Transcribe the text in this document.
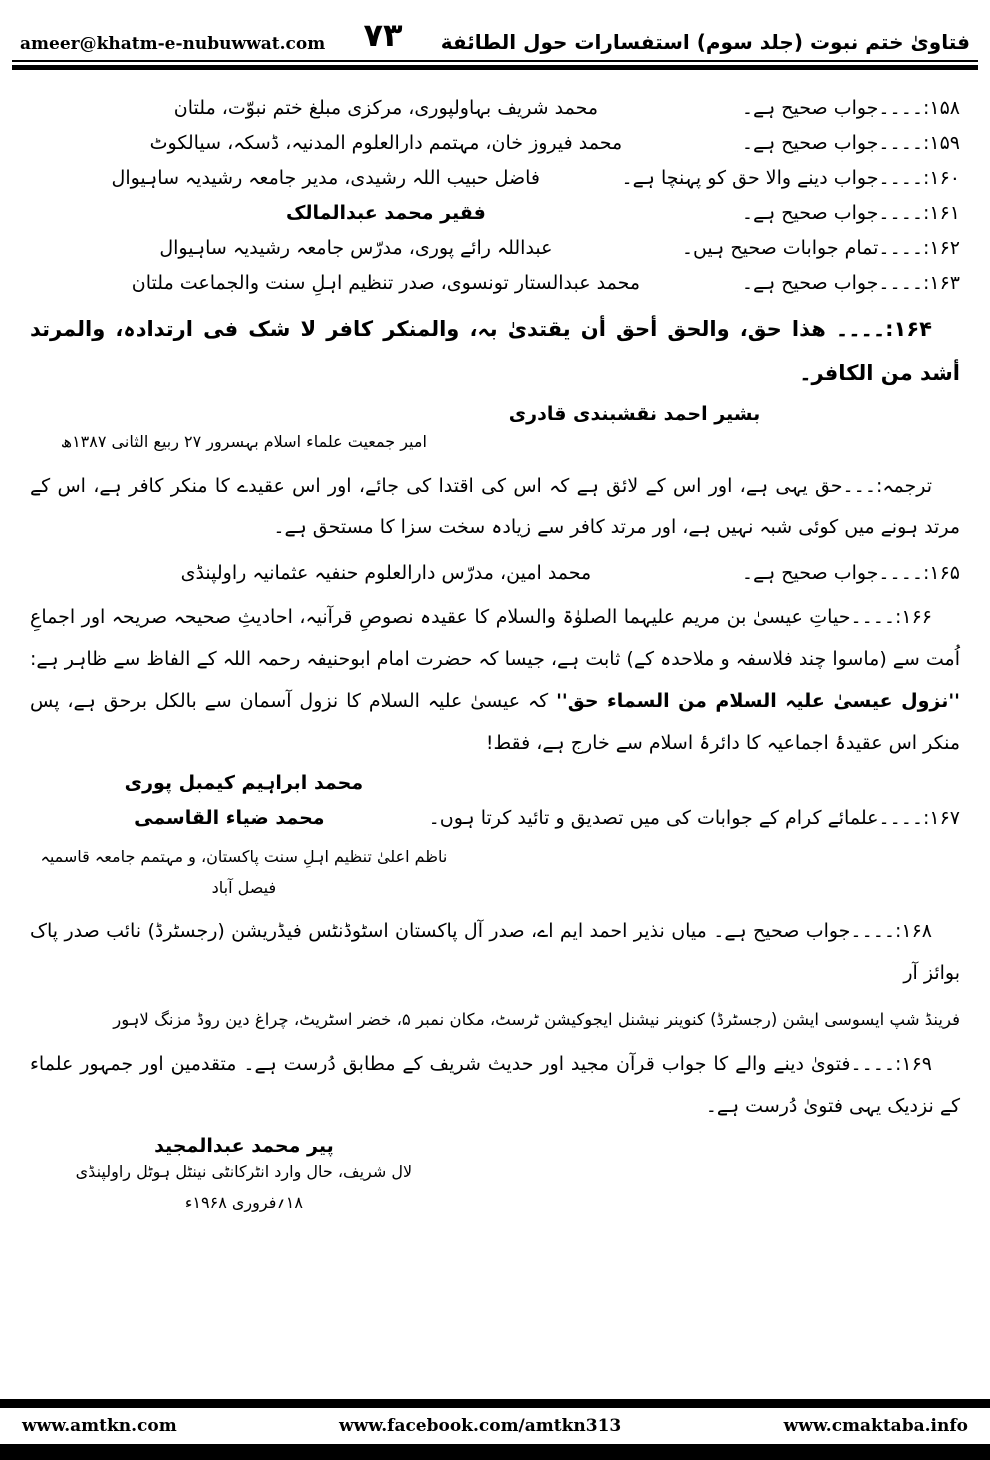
ameer@khatm-e-nubuwwat.com	۷۳	فتاویٰ ختم نبوت (جلد سوم) استفسارات حول الطائفة
۱۵۸:۔۔۔۔جواب صحیح ہے۔
محمد شریف بہاولپوری، مرکزی مبلغ ختم نبوّت، ملتان
۱۵۹:۔۔۔۔جواب صحیح ہے۔
محمد فیروز خان، مہتمم دارالعلوم المدنیہ، ڈسکہ، سیالکوٹ
۱۶۰:۔۔۔۔جواب دینے والا حق کو پہنچا ہے۔
فاضل حبیب اللہ رشیدی، مدیر جامعہ رشیدیہ ساہیوال
۱۶۱:۔۔۔۔جواب صحیح ہے۔
فقیر محمد عبدالمالک
۱۶۲:۔۔۔۔تمام جوابات صحیح ہیں۔
عبداللہ رائے پوری، مدرّس جامعہ رشیدیہ ساہیوال
۱۶۳:۔۔۔۔جواب صحیح ہے۔
محمد عبدالستار تونسوی، صدر تنظیم اہلِ سنت والجماعت ملتان

۱۶۴:۔۔۔۔ ھذا حق، والحق أحق أن یقتدیٰ بہ، والمنکر کافر لا شک فی ارتدادہ، والمرتد أشد من الکافر۔

بشیر احمد نقشبندی قادری
امیر جمعیت علماء اسلام بہسرور ۲۷ ربیع الثانی ۱۳۸۷ھ

ترجمہ:۔۔۔حق یہی ہے، اور اس کے لائق ہے کہ اس کی اقتدا کی جائے، اور اس عقیدے کا منکر کافر ہے، اس کے مرتد ہونے میں کوئی شبہ نہیں ہے، اور مرتد کافر سے زیادہ سخت سزا کا مستحق ہے۔

۱۶۵:۔۔۔۔جواب صحیح ہے۔
محمد امین، مدرّس دارالعلوم حنفیہ عثمانیہ راولپنڈی

۱۶۶:۔۔۔۔حیاتِ عیسیٰ بن مریم علیہما الصلوٰۃ والسلام کا عقیدہ نصوصِ قرآنیہ، احادیثِ صحیحہ صریحہ اور اجماعِ اُمت سے (ماسوا چند فلاسفہ و ملاحدہ کے) ثابت ہے، جیسا کہ حضرت امام ابوحنیفہ رحمہ اللہ کے الفاظ سے ظاہر ہے: ''نزول عیسیٰ علیہ السلام من السماء حق'' کہ عیسیٰ علیہ السلام کا نزول آسمان سے بالکل برحق ہے، پس منکر اس عقیدۂ اجماعیہ کا دائرۂ اسلام سے خارج ہے، فقط!

محمد ابراہیم کیمبل پوری
۱۶۷:۔۔۔۔علمائے کرام کے جوابات کی میں تصدیق و تائید کرتا ہوں۔
محمد ضیاء القاسمی
ناظم اعلیٰ تنظیم اہلِ سنت پاکستان، و مہتمم جامعہ قاسمیہ فیصل آباد

۱۶۸:۔۔۔۔جواب صحیح ہے۔ میاں نذیر احمد ایم اے، صدر آل پاکستان اسٹوڈنٹس فیڈریشن (رجسٹرڈ) نائب صدر پاک بوائز آر

فرینڈ شپ ایسوسی ایشن (رجسٹرڈ) کنوینر نیشنل ایجوکیشن ٹرسٹ، مکان نمبر ۵، خضر اسٹریٹ، چراغ دین روڈ مزنگ لاہور

۱۶۹:۔۔۔۔فتویٰ دینے والے کا جواب قرآن مجید اور حدیث شریف کے مطابق دُرست ہے۔ متقدمین اور جمہور علماء کے نزدیک یہی فتویٰ دُرست ہے۔

پیر محمد عبدالمجید
لال شریف، حال وارد انٹرکانٹی نینٹل ہوٹل راولپنڈی
۱۸؍فروری ۱۹۶۸ء
www.amtkn.com	www.facebook.com/amtkn313	www.cmaktaba.info
